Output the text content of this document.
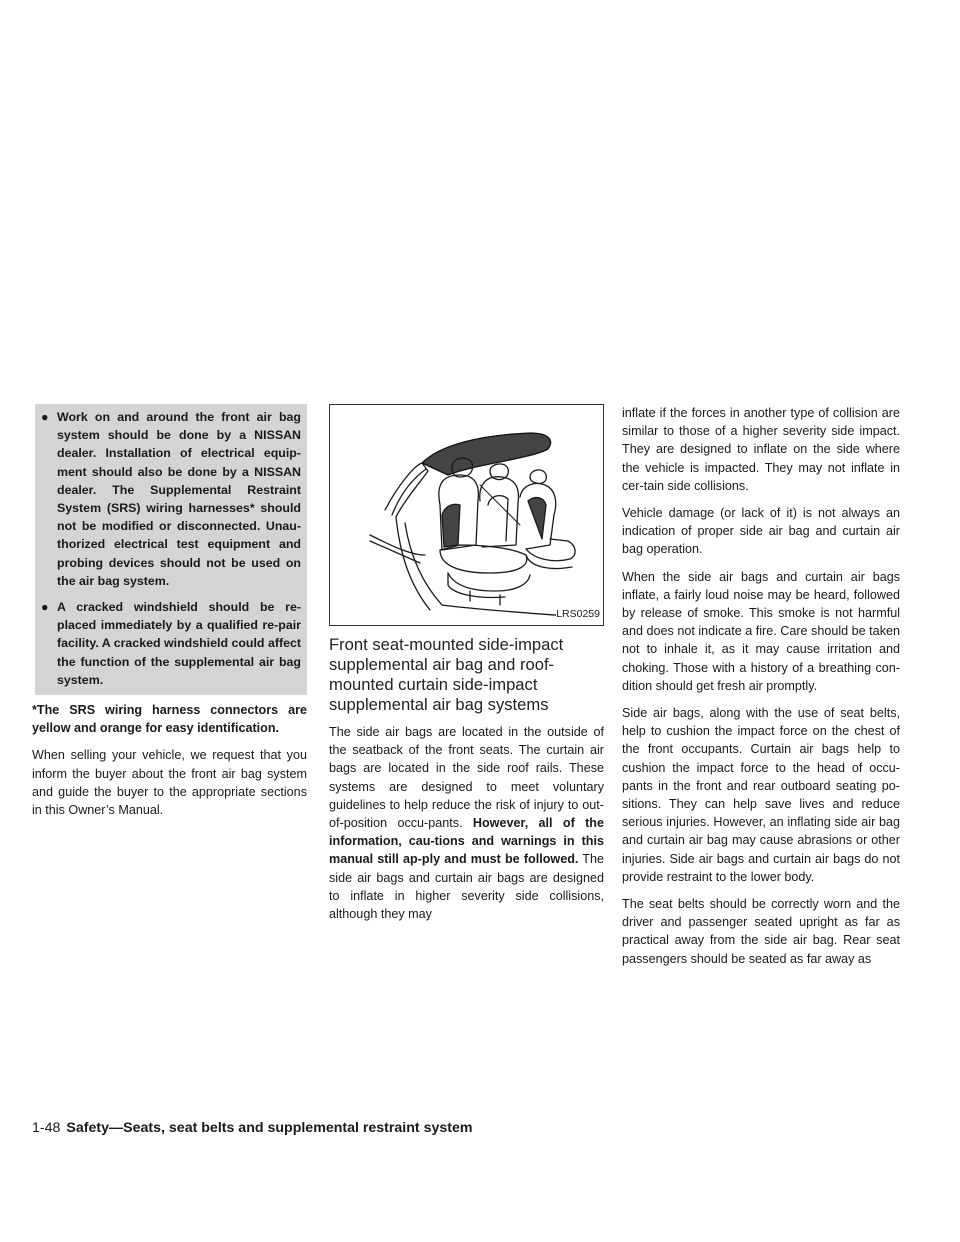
● Work on and around the front air bag system should be done by a NISSAN dealer. Installation of electrical equip-ment should also be done by a NISSAN dealer. The Supplemental Restraint System (SRS) wiring harnesses* should not be modified or disconnected. Unau-thorized electrical test equipment and probing devices should not be used on the air bag system.
● A cracked windshield should be re-placed immediately by a qualified re-pair facility. A cracked windshield could affect the function of the supplemental air bag system.

*The SRS wiring harness connectors are yellow and orange for easy identification.

When selling your vehicle, we request that you inform the buyer about the front air bag system and guide the buyer to the appropriate sections in this Owner’s Manual.

LRS0259
Front seat-mounted side-impact supplemental air bag and roof-mounted curtain side-impact supplemental air bag systems

The side air bags are located in the outside of the seatback of the front seats. The curtain air bags are located in the side roof rails. These systems are designed to meet voluntary guidelines to help reduce the risk of injury to out-of-position occu-pants. However, all of the information, cau-tions and warnings in this manual still ap-ply and must be followed. The side air bags and curtain air bags are designed to inflate in higher severity side collisions, although they may

inflate if the forces in another type of collision are similar to those of a higher severity side impact. They are designed to inflate on the side where the vehicle is impacted. They may not inflate in cer-tain side collisions.

Vehicle damage (or lack of it) is not always an indication of proper side air bag and curtain air bag operation.

When the side air bags and curtain air bags inflate, a fairly loud noise may be heard, followed by release of smoke. This smoke is not harmful and does not indicate a fire. Care should be taken not to inhale it, as it may cause irritation and choking. Those with a history of a breathing con-dition should get fresh air promptly.

Side air bags, along with the use of seat belts, help to cushion the impact force on the chest of the front occupants. Curtain air bags help to cushion the impact force to the head of occu-pants in the front and rear outboard seating po-sitions. They can help save lives and reduce serious injuries. However, an inflating side air bag and curtain air bag may cause abrasions or other injuries. Side air bags and curtain air bags do not provide restraint to the lower body.

The seat belts should be correctly worn and the driver and passenger seated upright as far as practical away from the side air bag. Rear seat passengers should be seated as far away as

1-48 Safety—Seats, seat belts and supplemental restraint system
